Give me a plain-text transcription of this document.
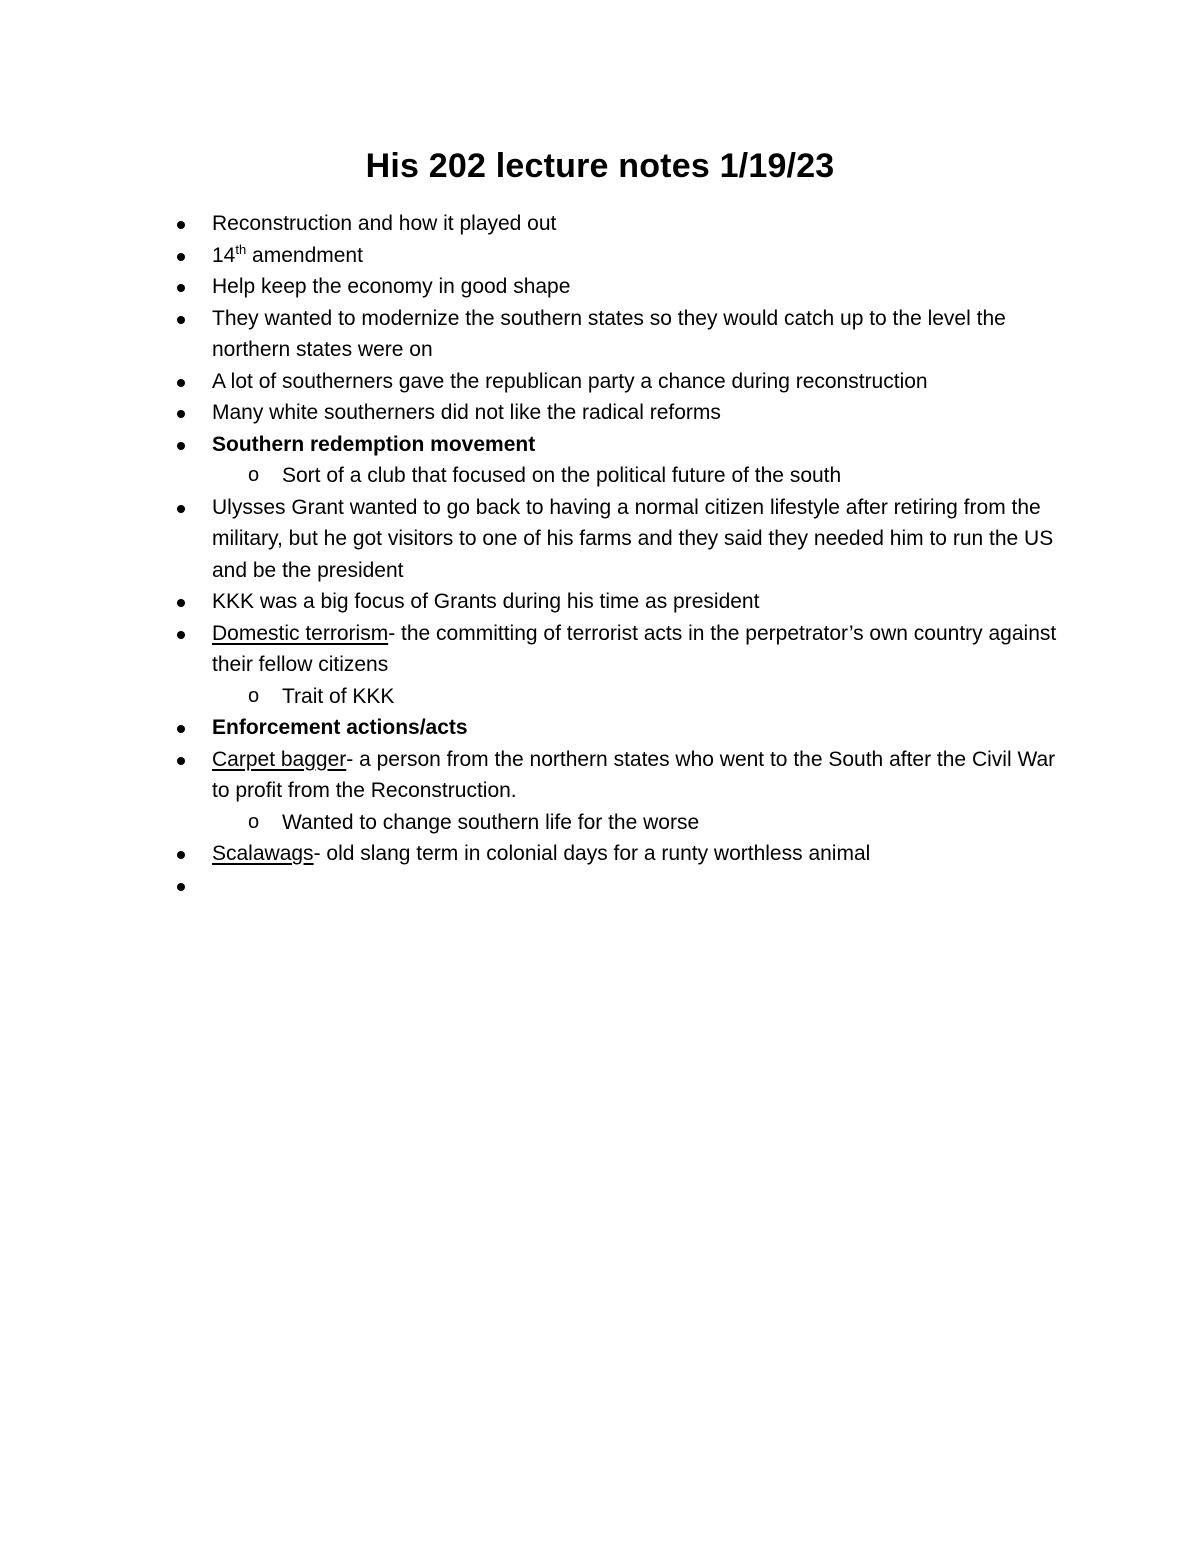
His 202 lecture notes 1/19/23
Reconstruction and how it played out
14th amendment
Help keep the economy in good shape
They wanted to modernize the southern states so they would catch up to the level the northern states were on
A lot of southerners gave the republican party a chance during reconstruction
Many white southerners did not like the radical reforms
Southern redemption movement
o Sort of a club that focused on the political future of the south
Ulysses Grant wanted to go back to having a normal citizen lifestyle after retiring from the military, but he got visitors to one of his farms and they said they needed him to run the US and be the president
KKK was a big focus of Grants during his time as president
Domestic terrorism- the committing of terrorist acts in the perpetrator’s own country against their fellow citizens
o Trait of KKK
Enforcement actions/acts
Carpet bagger- a person from the northern states who went to the South after the Civil War to profit from the Reconstruction.
o Wanted to change southern life for the worse
Scalawags- old slang term in colonial days for a runty worthless animal
